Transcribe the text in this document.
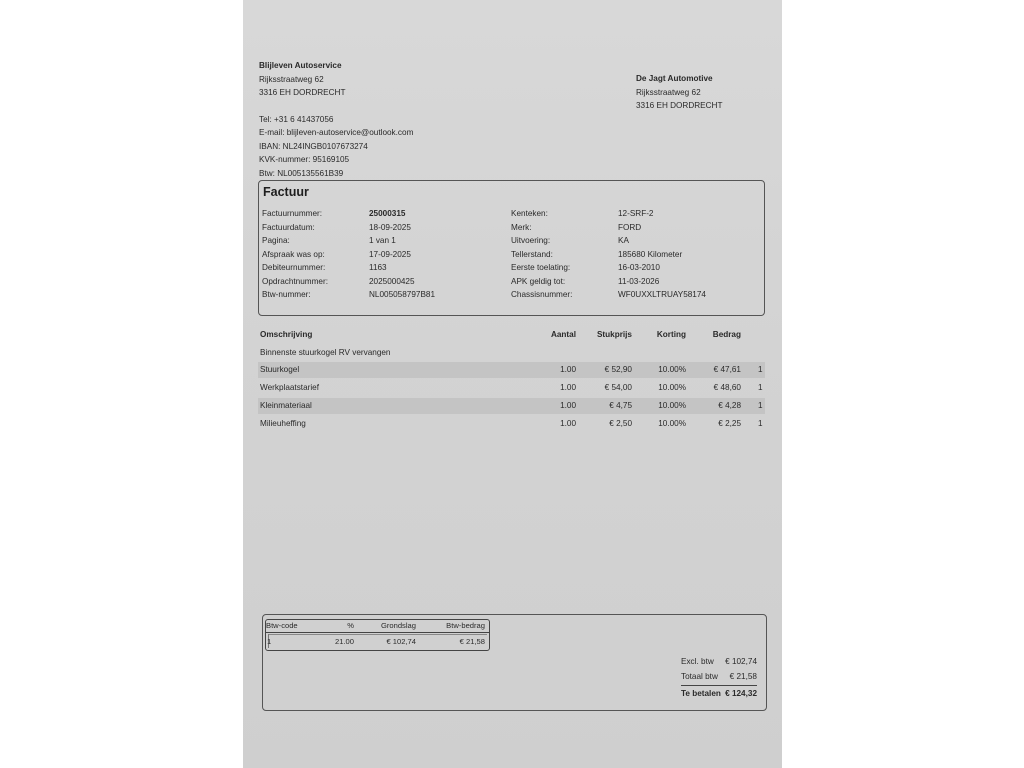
Blijleven Autoservice
Rijksstraatweg 62
3316 EH DORDRECHT
Tel: +31 6 41437056
E-mail: blijleven-autoservice@outlook.com
IBAN: NL24INGB0107673274
KVK-nummer: 95169105
Btw: NL005135561B39
De Jagt Automotive
Rijksstraatweg 62
3316 EH DORDRECHT
Factuur
Factuurnummer:	25000315
Factuurdatum:	18-09-2025
Pagina:	1 van 1
Afspraak was op:	17-09-2025
Debiteurnummer:	1163
Opdrachtnummer:	2025000425
Btw-nummer:	NL005058797B81
Kenteken:	12-SRF-2
Merk:	FORD
Uitvoering:	KA
Tellerstand:	185680 Kilometer
Eerste toelating:	16-03-2010
APK geldig tot:	11-03-2026
Chassisnummer:	WF0UXXLTRUAY58174
Omschrijving	Aantal	Stukprijs	Korting	Bedrag
Binnenste stuurkogel RV vervangen
Stuurkogel	1.00	€ 52,90	10.00%	€ 47,61 1
Werkplaatstarief	1.00	€ 54,00	10.00%	€ 48,60 1
Kleinmateriaal	1.00	€ 4,75	10.00%	€ 4,28 1
Milieuheffing	1.00	€ 2,50	10.00%	€ 2,25 1
Btw-code	%	Grondslag	Btw-bedrag
1	21.00	€ 102,74	€ 21,58
Excl. btw	€ 102,74
Totaal btw	€ 21,58
Te betalen € 124,32
